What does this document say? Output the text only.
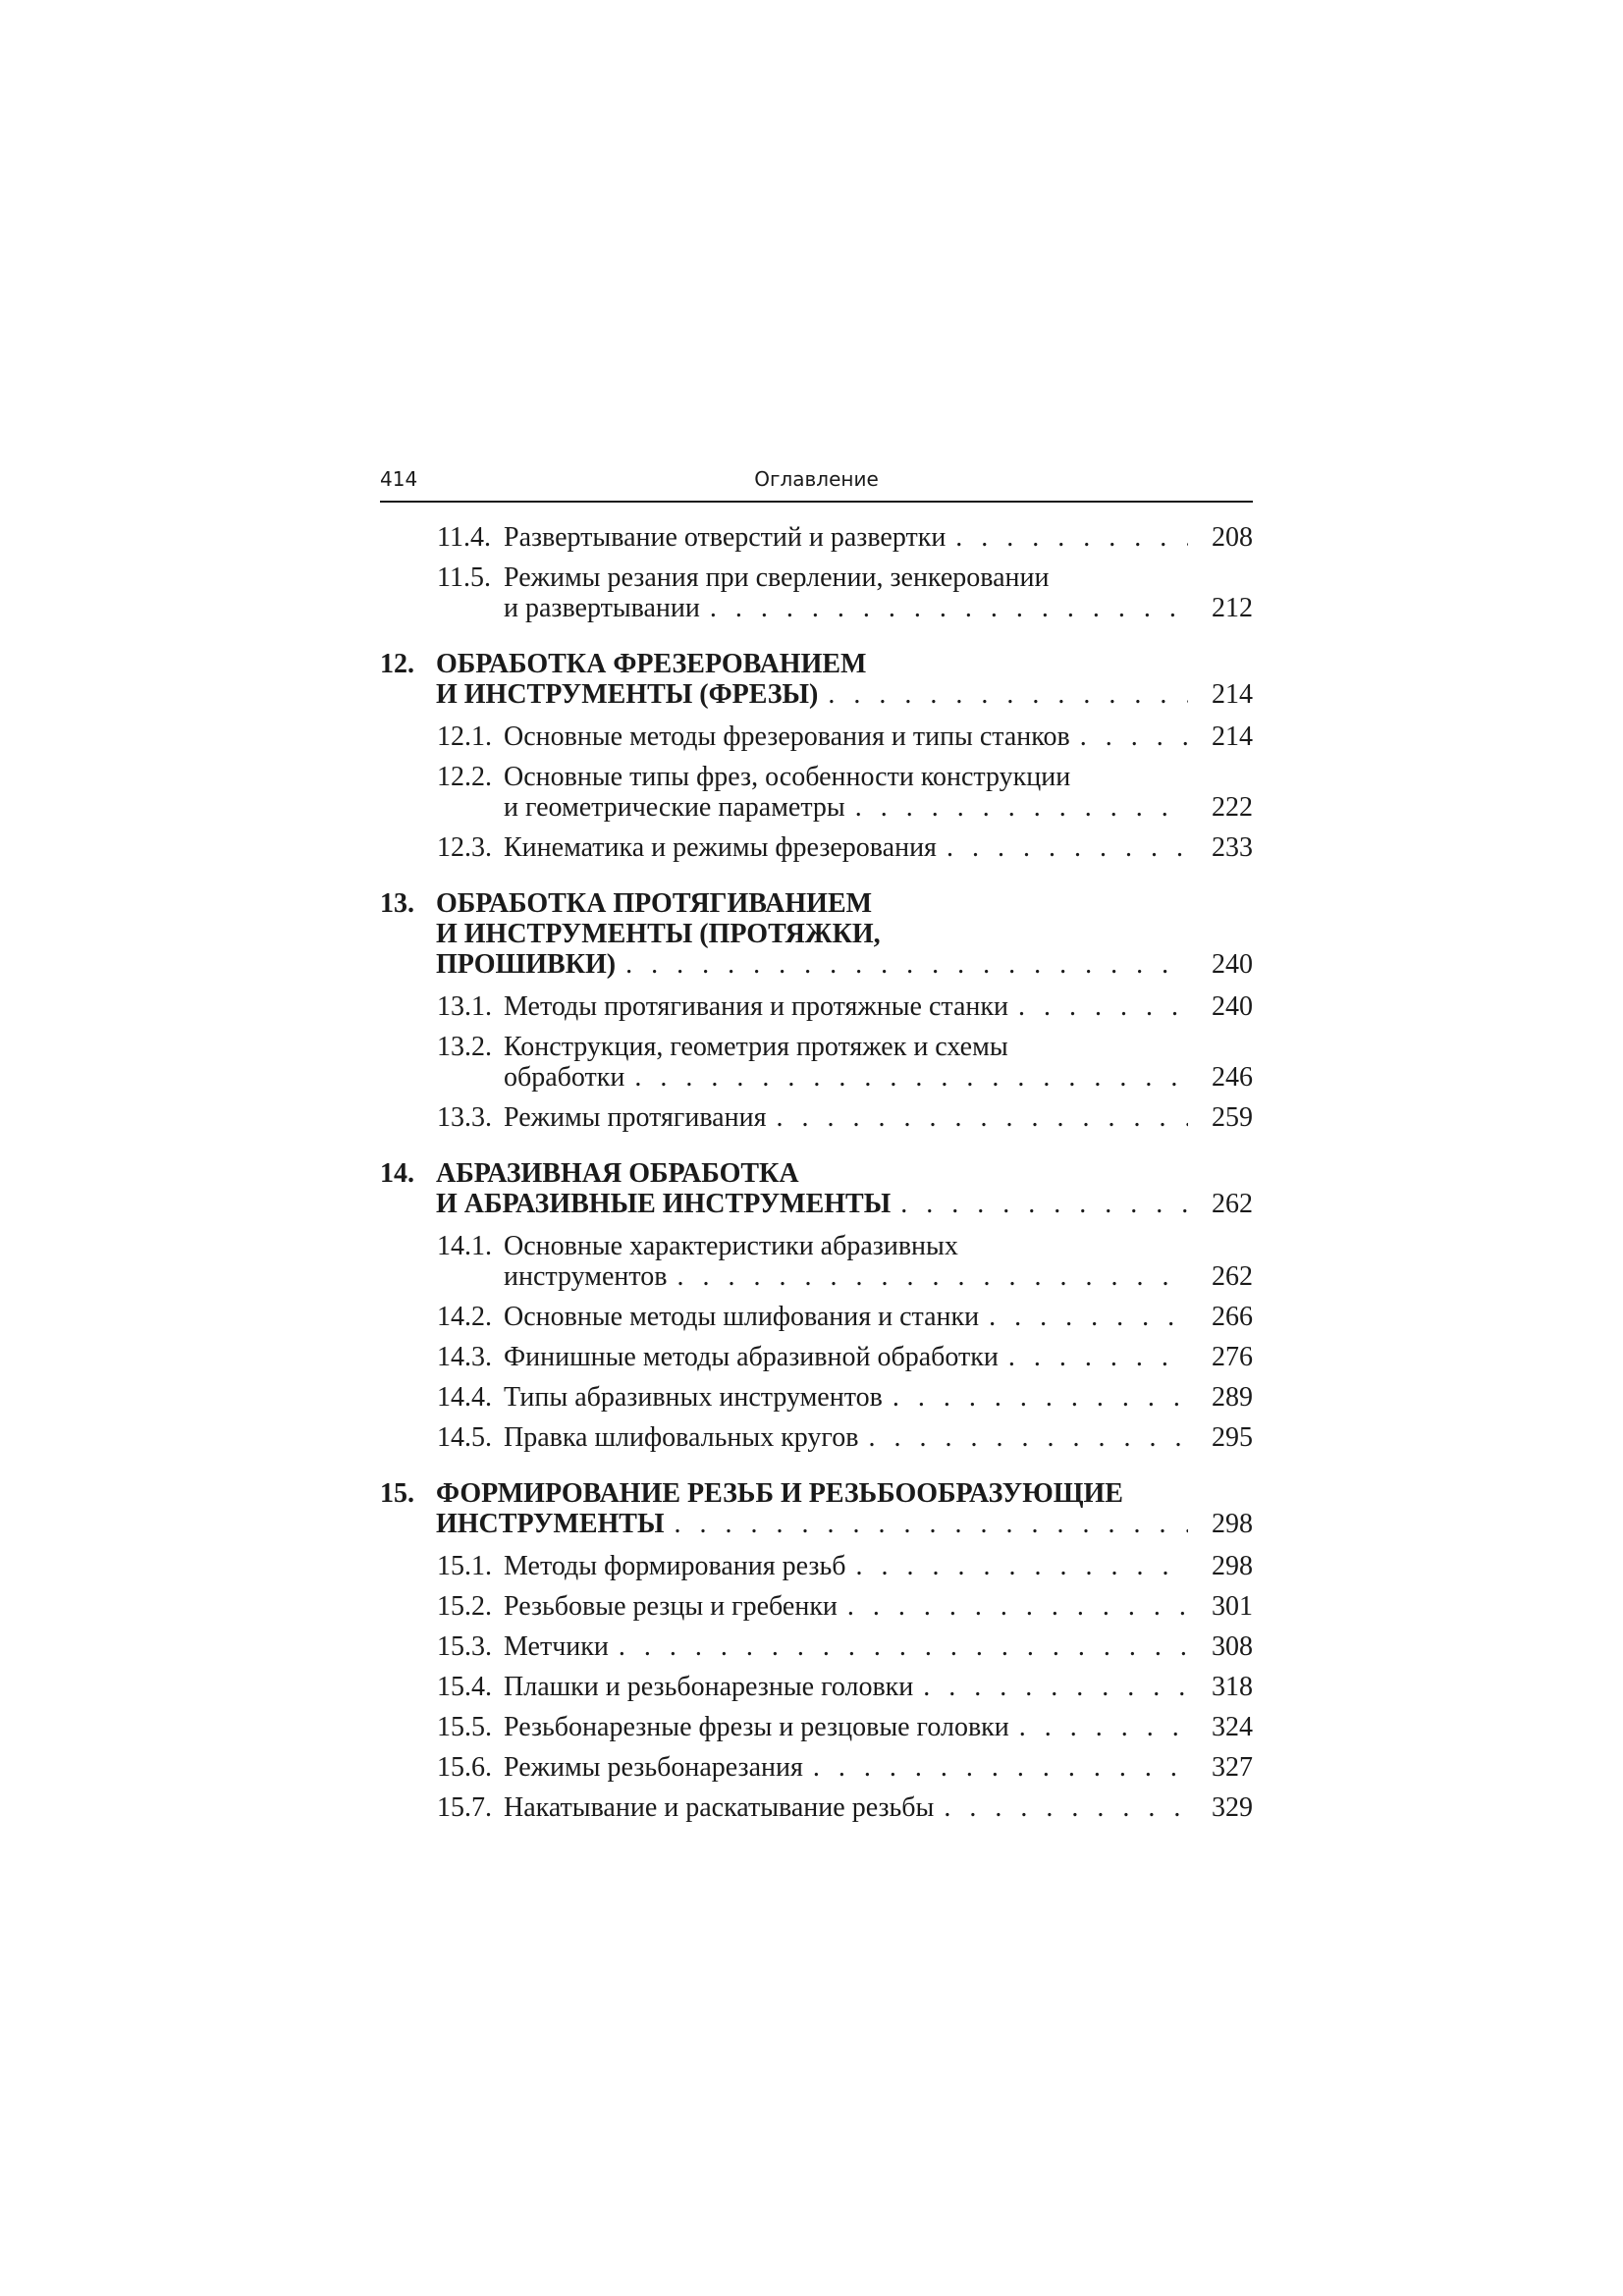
414	Оглавление
11.4. Развертывание отверстий и развертки . . .	208
11.5. Режимы резания при сверлении, зенкеровании
и развертывании . . .	212
12. ОБРАБОТКА ФРЕЗЕРОВАНИЕМ
И ИНСТРУМЕНТЫ (ФРЕЗЫ) . . .	214
12.1. Основные методы фрезерования и типы станков . . .	214
12.2. Основные типы фрез, особенности конструкции
и геометрические параметры . . .	222
12.3. Кинематика и режимы фрезерования . . .	233
13. ОБРАБОТКА ПРОТЯГИВАНИЕМ
И ИНСТРУМЕНТЫ (ПРОТЯЖКИ,
ПРОШИВКИ) . . .	240
13.1. Методы протягивания и протяжные станки . . .	240
13.2. Конструкция, геометрия протяжек и схемы
обработки . . .	246
13.3. Режимы протягивания . . .	259
14. АБРАЗИВНАЯ ОБРАБОТКА
И АБРАЗИВНЫЕ ИНСТРУМЕНТЫ . . .	262
14.1. Основные характеристики абразивных
инструментов . . .	262
14.2. Основные методы шлифования и станки . . .	266
14.3. Финишные методы абразивной обработки . . .	276
14.4. Типы абразивных инструментов . . .	289
14.5. Правка шлифовальных кругов . . .	295
15. ФОРМИРОВАНИЕ РЕЗЬБ И РЕЗЬБООБРАЗУЮЩИЕ
ИНСТРУМЕНТЫ . . .	298
15.1. Методы формирования резьб . . .	298
15.2. Резьбовые резцы и гребенки . . .	301
15.3. Метчики . . .	308
15.4. Плашки и резьбонарезные головки . . .	318
15.5. Резьбонарезные фрезы и резцовые головки . . .	324
15.6. Режимы резьбонарезания . . .	327
15.7. Накатывание и раскатывание резьбы . . .	329
